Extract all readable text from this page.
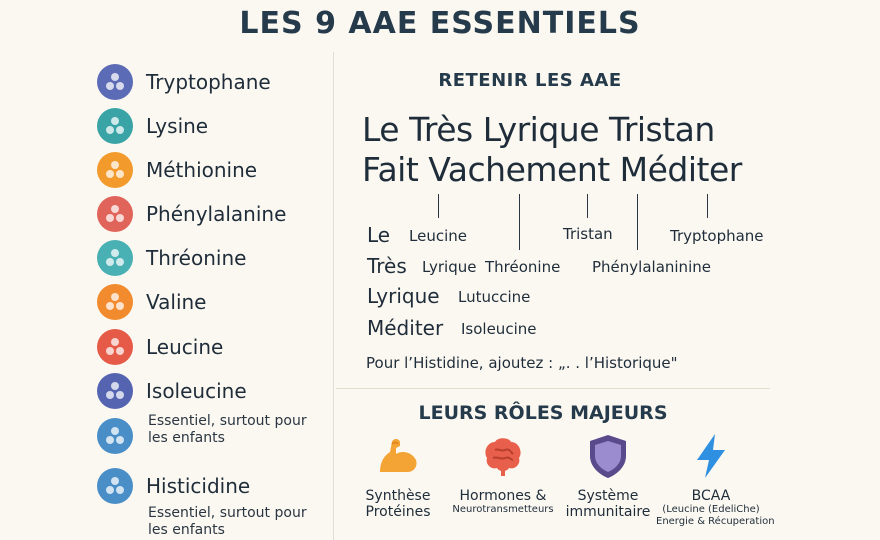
LES 9 AAE ESSENTIELS
Tryptophane
Lysine
Méthionine
Phénylalanine
Thréonine
Valine
Leucine
Isoleucine
Essentiel, surtout pour les enfants
Histicidine
Essentiel, surtout pour les enfants
RETENIR LES AAE
Le Très Lyrique Tristan
Fait Vachement Méditer
Le Leucine	Tristan	Tryptophane
Très Lyrique Thréonine Phénylalaninine
Lyrique Lutuccine
Méditer Isoleucine
Pour l’Histidine, ajoutez : „. . l’Historique"
LEURS RÔLES MAJEURS
Synthèse
Protéines
Hormones &
Neurotransmetteurs
Système
immunitaire
BCAA
(Leucine (EdeliChe)
Energie & Récuperation
